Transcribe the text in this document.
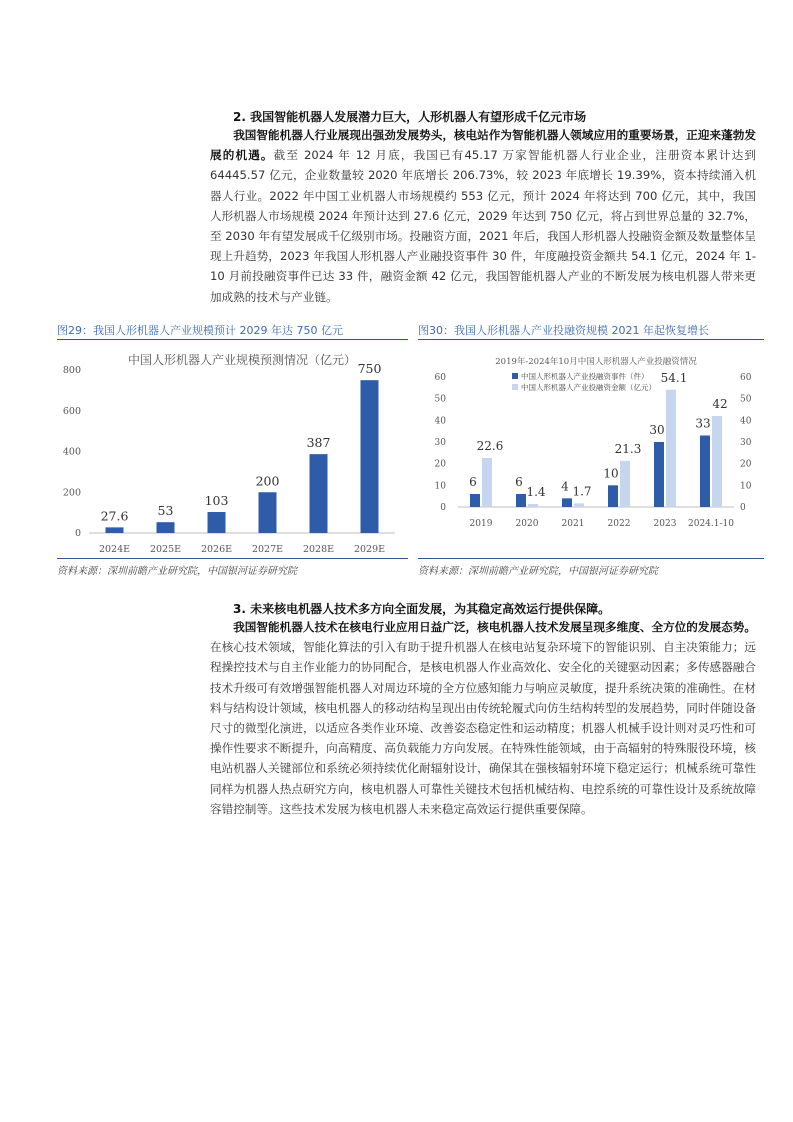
2. 我国智能机器人发展潜力巨大，人形机器人有望形成千亿元市场

我国智能机器人行业展现出强劲发展势头，核电站作为智能机器人领域应用的重要场景，正迎来蓬勃发展的机遇。截至 2024 年 12 月底，我国已有45.17 万家智能机器人行业企业，注册资本累计达到 64445.57 亿元，企业数量较 2020 年底增长 206.73%，较 2023 年底增长 19.39%，资本持续涌入机器人行业。2022 年中国工业机器人市场规模约 553 亿元，预计 2024 年将达到 700 亿元，其中，我国人形机器人市场规模 2024 年预计达到 27.6 亿元，2029 年达到 750 亿元，将占到世界总量的 32.7%，至 2030 年有望发展成千亿级别市场。投融资方面，2021 年后，我国人形机器人投融资金额及数量整体呈现上升趋势，2023 年我国人形机器人产业融投资事件 30 件，年度融投资金额共 54.1 亿元，2024 年 1-10 月前投融资事件已达 33 件，融资金额 42 亿元，我国智能机器人产业的不断发展为核电机器人带来更加成熟的技术与产业链。

图29：我国人形机器人产业规模预计 2029 年达 750 亿元
中国人形机器人产业规模预测情况（亿元）
0
200
400
600
800
27.6
2024E
53
2025E
103
2026E
200
2027E
387
2028E
750
2029E
资料来源：深圳前瞻产业研究院，中国银河证券研究院
图30：我国人形机器人产业投融资规模 2021 年起恢复增长
2019年-2024年10月中国人形机器人产业投融资情况
0
10
20
30
40
50
60
0
10
20
30
40
50
60
中国人形机器人产业投融资事件（件）
中国人形机器人产业投融资金额（亿元）
6
22.6
2019
6
1.4
2020
4 1.7
2021
10
21.3
2022
30
54.1
2023
33
42
2024.1-10
资料来源：深圳前瞻产业研究院，中国银河证券研究院
3. 未来核电机器人技术多方向全面发展，为其稳定高效运行提供保障。

我国智能机器人技术在核电行业应用日益广泛，核电机器人技术发展呈现多维度、全方位的发展态势。在核心技术领域，智能化算法的引入有助于提升机器人在核电站复杂环境下的智能识别、自主决策能力；远程操控技术与自主作业能力的协同配合，是核电机器人作业高效化、安全化的关键驱动因素；多传感器融合技术升级可有效增强智能机器人对周边环境的全方位感知能力与响应灵敏度，提升系统决策的准确性。在材料与结构设计领域，核电机器人的移动结构呈现出由传统轮履式向仿生结构转型的发展趋势，同时伴随设备尺寸的微型化演进，以适应各类作业环境、改善姿态稳定性和运动精度；机器人机械手设计则对灵巧性和可操作性要求不断提升，向高精度、高负载能力方向发展。在特殊性能领域，由于高辐射的特殊服役环境，核电站机器人关键部位和系统必须持续优化耐辐射设计，确保其在强核辐射环境下稳定运行；机械系统可靠性同样为机器人热点研究方向，核电机器人可靠性关键技术包括机械结构、电控系统的可靠性设计及系统故障容错控制等。这些技术发展为核电机器人未来稳定高效运行提供重要保障。
